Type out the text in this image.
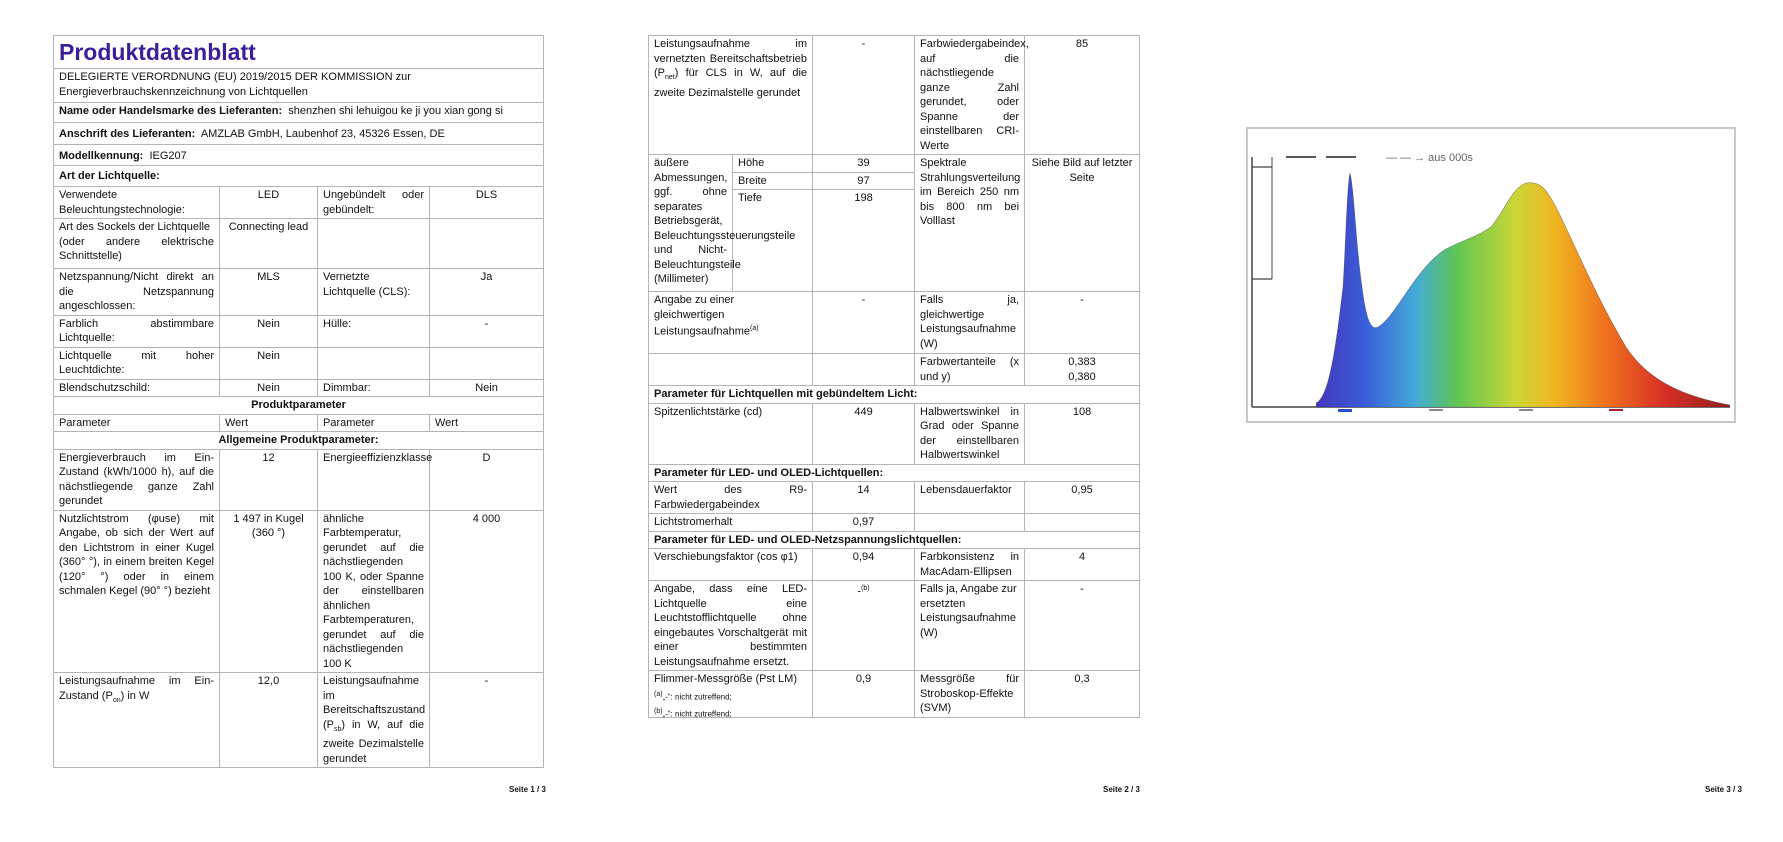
Produktdatenblatt			
DELEGIERTE VERORDNUNG (EU) 2019/2015 DER KOMMISSION zur Energieverbrauchskennzeichnung von Lichtquellen			
Name oder Handelsmarke des Lieferanten: shenzhen shi lehuigou ke ji you xian gong si			
Anschrift des Lieferanten: AMZLAB GmbH, Laubenhof 23, 45326 Essen, DE			
Modellkennung: IEG207			
Art der Lichtquelle:			
Verwendete Beleuchtungstechnologie:	LED	Ungebündelt oder gebündelt:	DLS

Art des Sockels der Lichtquelle
(oder andere elektrische Schnittstelle)	Connecting lead		
Netzspannung/Nicht direkt an die Netzspannung angeschlossen:	MLS	Vernetzte Lichtquelle (CLS):	Ja
Farblich abstimmbare Lichtquelle:	Nein	Hülle:	-
Lichtquelle mit hoher Leuchtdichte:	Nein		
Blendschutzschild:	Nein	Dimmbar:	Nein
Produktparameter			
Parameter	Wert	Parameter	Wert
Allgemeine Produktparameter:			
Energieverbrauch im Ein-Zustand (kWh/1000 h), auf die nächstliegende ganze Zahl gerundet	12	Energieeffizienzklasse	D
Nutzlichtstrom (φuse) mit Angabe, ob sich der Wert auf den Lichtstrom in einer Kugel (360° °), in einem breiten Kegel (120° °) oder in einem schmalen Kegel (90° °) bezieht	1 497 in Kugel (360 °)	ähnliche Farbtemperatur, gerundet auf die nächstliegenden 100 K, oder Spanne der einstellbaren ähnlichen Farbtemperaturen, gerundet auf die nächstliegenden 100 K	4 000
Leistungsaufnahme im Ein-Zustand $(P_{on})$ in W	12,0	Leistungsaufnahme im Bereitschaftszustand $(P_{sb})$ in W, auf die zweite Dezimalstelle gerundet	-
Seite 1 / 3
Leistungsaufnahme im vernetzten Bereitschaftsbetrieb $(P_{net})$ für CLS in W, auf die zweite Dezimalstelle gerundet		-	Farbwiedergabeindex, auf die nächstliegende ganze Zahl gerundet, oder Spanne der einstellbaren CRI-Werte	85
äußere Abmessungen, ggf. ohne separates Betriebsgerät, Beleuchtungssteuerungsteile und Nicht-Beleuchtungsteile (Millimeter)	Höhe	39	Spektrale Strahlungsverteilung im Bereich 250 nm bis 800 nm bei Volllast	Siehe Bild auf letzter Seite
	Breite	97		
	Tiefe	198		
Angabe zu einer gleichwertigen Leistungsaufnahme$^{(a)}$		-	Falls ja, gleichwertige Leistungsaufnahme (W)	-
			Farbwertanteile (x und y)	0,383
0,380

Parameter für Lichtquellen mit gebündeltem Licht:				
Spitzenlichtstärke (cd)		449	Halbwertswinkel in Grad oder Spanne der einstellbaren Halbwertswinkel	108
Parameter für LED- und OLED-Lichtquellen:				
Wert des R9-Farbwiedergabeindex		14	Lebensdauerfaktor	0,95
Lichtstromerhalt		0,97		
Parameter für LED- und OLED-Netzspannungslichtquellen:				
Verschiebungsfaktor (cos φ1)		0,94	Farbkonsistenz in MacAdam-Ellipsen	4
Angabe, dass eine LED-Lichtquelle eine Leuchtstofflichtquelle ohne eingebautes Vorschaltgerät mit einer bestimmten Leistungsaufnahme ersetzt.		-$^{(b)}$	Falls ja, Angabe zur ersetzten Leistungsaufnahme (W)	-
Flimmer-Messgröße (Pst LM)		0,9	Messgröße für Stroboskop-Effekte (SVM)	0,3
$^{(a)}$„-“: nicht zutreffend;
$^{(b)}$„-“: nicht zutreffend;
Seite 2 / 3
— — → aus 000s
Seite 3 / 3
